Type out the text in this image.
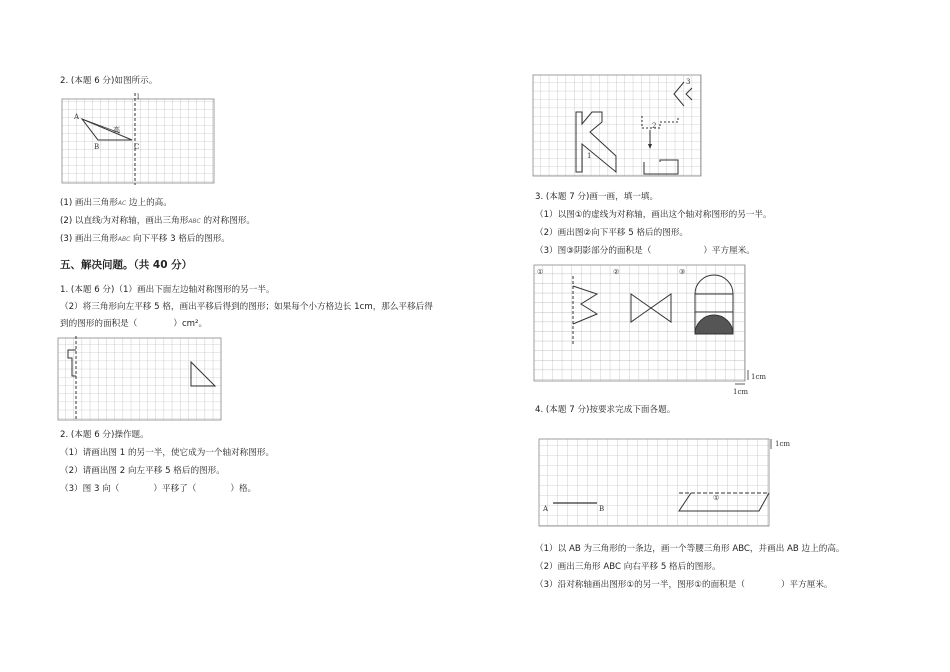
2. (本题 6 分)如图所示。
A
B	C
l
高
(1) 画出三角形AC 边上的高。
(2) 以直线l为对称轴，画出三角形ABC 的对称图形。
(3) 画出三角形ABC 向下平移 3 格后的图形。
五、解决问题。（共 40 分）
1. (本题 6 分)（1）画出下面左边轴对称图形的另一半。
（2）将三角形向左平移 5 格，画出平移后得到的图形；如果每个小方格边长 1cm，那么平移后得
到的图形的面积是（	）cm²。
2. (本题 6 分)操作题。
（1）请画出图 1 的另一半，使它成为一个轴对称图形。
（2）请画出图 2 向左平移 5 格后的图形。
（3）图 3 向（	）平移了（	）格。
1
2
3
3. (本题 7 分)画一画，填一填。
（1）以图①的虚线为对称轴，画出这个轴对称图形的另一半。
（2）画出图②向下平移 5 格后的图形。
（3）图③阴影部分的面积是（	）平方厘米。
①	②	③
1cm
1cm
4. (本题 7 分)按要求完成下面各题。
1cm
A	B
①
（1）以 AB 为三角形的一条边，画一个等腰三角形 ABC，并画出 AB 边上的高。
（2）画出三角形 ABC 向右平移 5 格后的图形。
（3）沿对称轴画出图形①的另一半，图形①的面积是（	）平方厘米。
